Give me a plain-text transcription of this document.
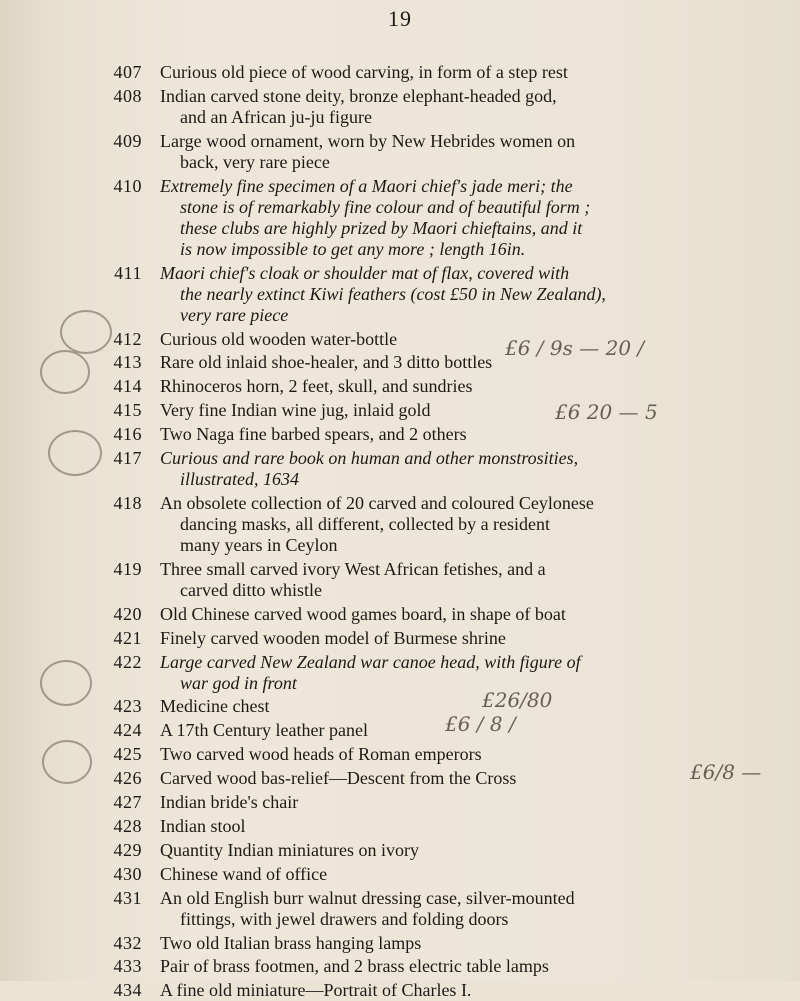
19
407 Curious old piece of wood carving, in form of a step rest
408 Indian carved stone deity, bronze elephant-headed god,
and an African ju-ju figure
409 Large wood ornament, worn by New Hebrides women on
back, very rare piece
410 Extremely fine specimen of a Maori chief's jade meri; the
stone is of remarkably fine colour and of beautiful form ;
these clubs are highly prized by Maori chieftains, and it
is now impossible to get any more ; length 16in.
411 Maori chief's cloak or shoulder mat of flax, covered with
the nearly extinct Kiwi feathers (cost £50 in New Zealand),
very rare piece
412 Curious old wooden water-bottle
413 Rare old inlaid shoe-healer, and 3 ditto bottles
414 Rhinoceros horn, 2 feet, skull, and sundries
415 Very fine Indian wine jug, inlaid gold
416 Two Naga fine barbed spears, and 2 others
417 Curious and rare book on human and other monstrosities,
illustrated, 1634
418 An obsolete collection of 20 carved and coloured Ceylonese
dancing masks, all different, collected by a resident
many years in Ceylon
419 Three small carved ivory West African fetishes, and a
carved ditto whistle
420 Old Chinese carved wood games board, in shape of boat
421 Finely carved wooden model of Burmese shrine
422 Large carved New Zealand war canoe head, with figure of
war god in front
423 Medicine chest
424 A 17th Century leather panel
425 Two carved wood heads of Roman emperors
426 Carved wood bas-relief—Descent from the Cross
427 Indian bride's chair
428 Indian stool
429 Quantity Indian miniatures on ivory
430 Chinese wand of office
431 An old English burr walnut dressing case, silver-mounted
fittings, with jewel drawers and folding doors
432 Two old Italian brass hanging lamps
433 Pair of brass footmen, and 2 brass electric table lamps
434 A fine old miniature—Portrait of Charles I.
£6 / 9s — 20 /
£6 20 — 5
£26/80
£6 / 8 /
£6/8 —
